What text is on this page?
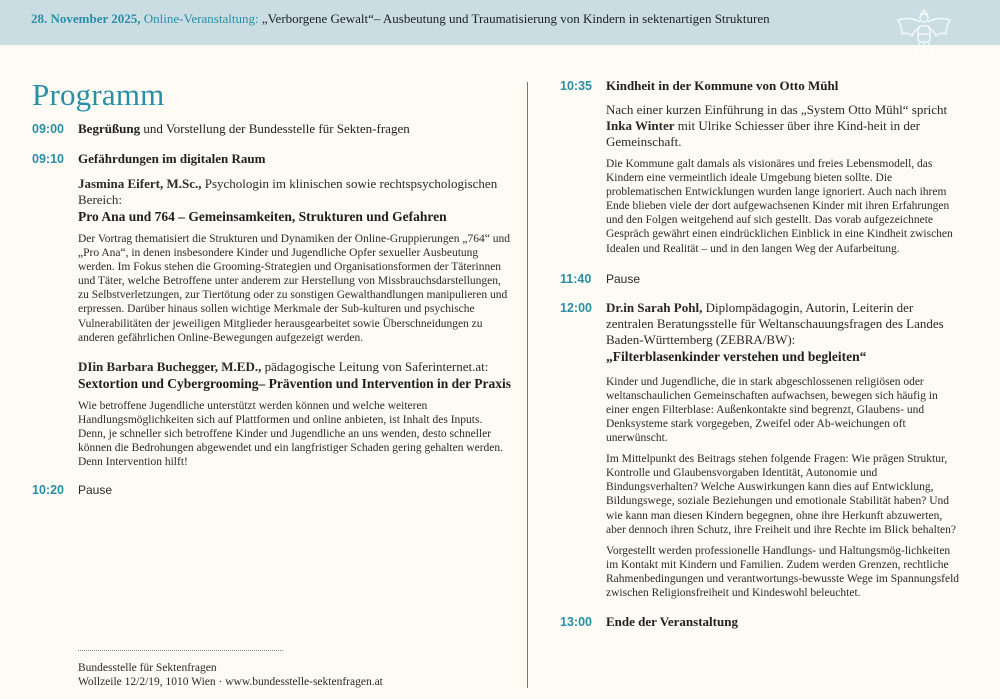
28. November 2025, Online-Veranstaltung: „Verborgene Gewalt“– Ausbeutung und Traumatisierung von Kindern in sektenartigen Strukturen
Programm
09:00	Begrüßung und Vorstellung der Bundesstelle für Sekten-fragen
09:10	Gefährdungen im digitalen Raum
Jasmina Eifert, M.Sc., Psychologin im klinischen sowie rechtspsychologischen Bereich:
Pro Ana und 764 – Gemeinsamkeiten, Strukturen und Gefahren
Der Vortrag thematisiert die Strukturen und Dynamiken der Online-Gruppierungen „764“ und „Pro Ana“, in denen insbesondere Kinder und Jugendliche Opfer sexueller Ausbeutung werden. Im Fokus stehen die Grooming-Strategien und Organisationsformen der Täterinnen und Täter, welche Betroffene unter anderem zur Herstellung von Missbrauchsdarstellungen, zu Selbstverletzungen, zur Tiertötung oder zu sonstigen Gewalthandlungen manipulieren und erpressen. Darüber hinaus sollen wichtige Merkmale der Sub-kulturen und psychische Vulnerabilitäten der jeweiligen Mitglieder herausgearbeitet sowie Überschneidungen zu anderen gefährlichen Online-Bewegungen aufgezeigt werden.
DIin Barbara Buchegger, M.ED., pädagogische Leitung von Saferinternet.at:
Sextortion und Cybergrooming– Prävention und Intervention in der Praxis
Wie betroffene Jugendliche unterstützt werden können und welche weiteren Handlungsmöglichkeiten sich auf Plattformen und online anbieten, ist Inhalt des Inputs. Denn, je schneller sich betroffene Kinder und Jugendliche an uns wenden, desto schneller können die Bedrohungen abgewendet und ein langfristiger Schaden gering gehalten werden. Denn Intervention hilft!
10:20	Pause
10:35	Kindheit in der Kommune von Otto Mühl
Nach einer kurzen Einführung in das „System Otto Mühl“ spricht Inka Winter mit Ulrike Schiesser über ihre Kind-heit in der Gemeinschaft.
Die Kommune galt damals als visionäres und freies Lebensmodell, das Kindern eine vermeintlich ideale Umgebung bieten sollte. Die problematischen Entwicklungen wurden lange ignoriert. Auch nach ihrem Ende blieben viele der dort aufgewachsenen Kinder mit ihren Erfahrungen und den Folgen weitgehend auf sich gestellt. Das vorab aufgezeichnete Gespräch gewährt einen eindrücklichen Einblick in eine Kindheit zwischen Idealen und Realität – und in den langen Weg der Aufarbeitung.
11:40	Pause
12:00	Dr.in Sarah Pohl, Diplompädagogin, Autorin, Leiterin der zentralen Beratungsstelle für Weltanschauungsfragen des Landes Baden-Württemberg (ZEBRA/BW):
„Filterblasenkinder verstehen und begleiten“
Kinder und Jugendliche, die in stark abgeschlossenen religiösen oder weltanschaulichen Gemeinschaften aufwachsen, bewegen sich häufig in einer engen Filterblase: Außenkontakte sind begrenzt, Glaubens- und Denksysteme stark vorgegeben, Zweifel oder Ab-weichungen oft unerwünscht.
Im Mittelpunkt des Beitrags stehen folgende Fragen: Wie prägen Struktur, Kontrolle und Glaubensvorgaben Identität, Autonomie und Bindungsverhalten? Welche Auswirkungen kann dies auf Entwicklung, Bildungswege, soziale Beziehungen und emotionale Stabilität haben? Und wie kann man diesen Kindern begegnen, ohne ihre Herkunft abzuwerten, aber dennoch ihren Schutz, ihre Freiheit und ihre Rechte im Blick behalten?
Vorgestellt werden professionelle Handlungs- und Haltungsmög-lichkeiten im Kontakt mit Kindern und Familien. Zudem werden Grenzen, rechtliche Rahmenbedingungen und verantwortungs-bewusste Wege im Spannungsfeld zwischen Religionsfreiheit und Kindeswohl beleuchtet.
13:00	Ende der Veranstaltung
Bundesstelle für Sektenfragen
Wollzeile 12/2/19, 1010 Wien · www.bundesstelle-sektenfragen.at
